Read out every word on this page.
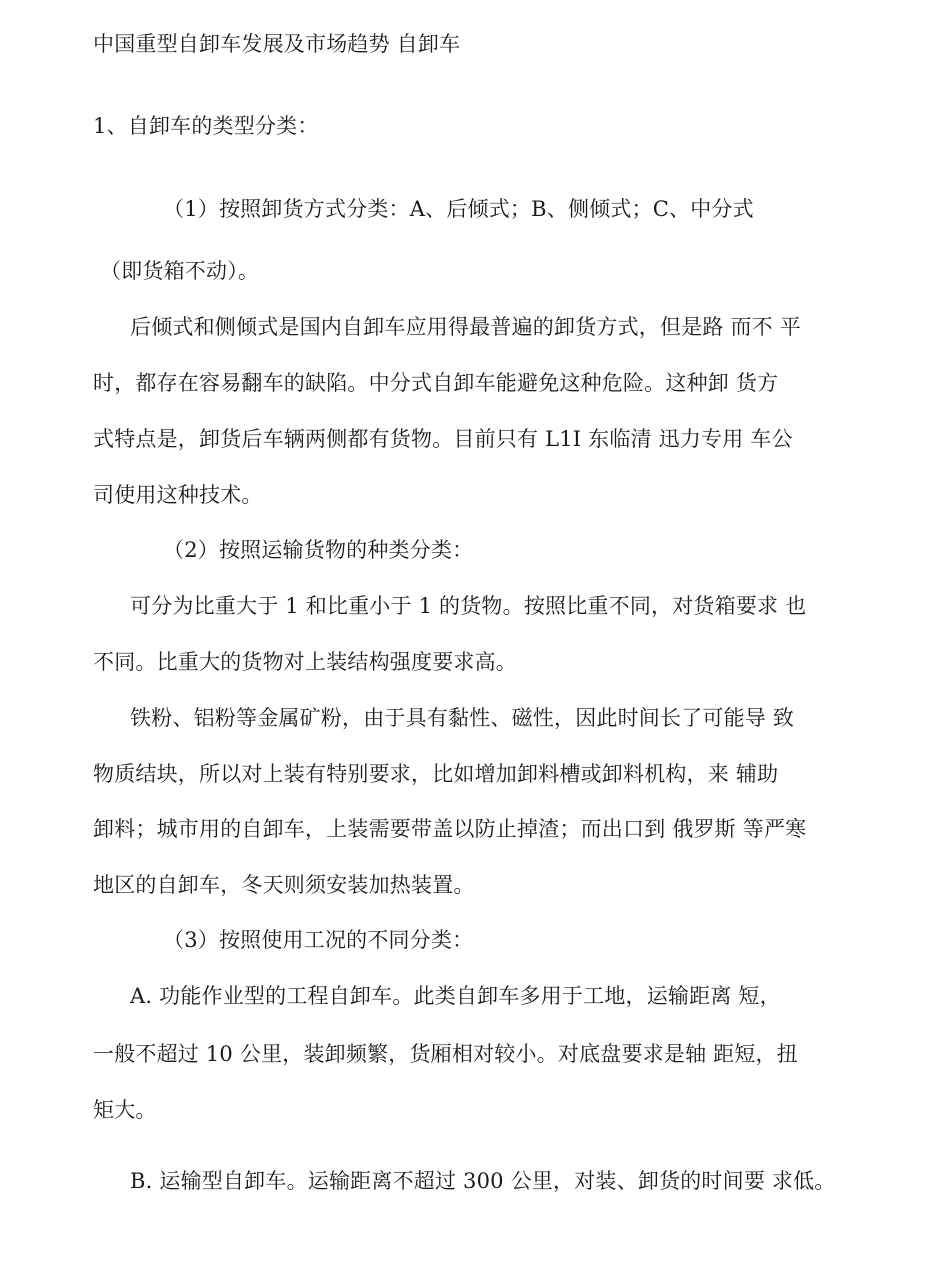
中国重型自卸车发展及市场趋势 自卸车
1、自卸车的类型分类：
（1）按照卸货方式分类：A、后倾式；B、侧倾式；C、中分式
（即货箱不动）。
后倾式和侧倾式是国内自卸车应用得最普遍的卸货方式，但是路 而不 平
时，都存在容易翻车的缺陷。中分式自卸车能避免这种危险。这种卸 货方
式特点是，卸货后车辆两侧都有货物。目前只有 L1I 东临清 迅力专用 车公
司使用这种技术。
（2）按照运输货物的种类分类：
可分为比重大于 1 和比重小于 1 的货物。按照比重不同，对货箱要求 也
不同。比重大的货物对上装结构强度要求高。
铁粉、铝粉等金属矿粉，由于具有黏性、磁性，因此时间长了可能导 致
物质结块，所以对上装有特别要求，比如增加卸料槽或卸料机构，来 辅助
卸料；城市用的自卸车，上装需要带盖以防止掉渣；而出口到 俄罗斯 等严寒
地区的自卸车，冬天则须安装加热装置。
（3）按照使用工况的不同分类：
A. 功能作业型的工程自卸车。此类自卸车多用于工地，运输距离 短，
一般不超过 10 公里，装卸频繁，货厢相对较小。对底盘要求是轴 距短，扭
矩大。
B. 运输型自卸车。运输距离不超过 300 公里，对装、卸货的时间要 求低。
